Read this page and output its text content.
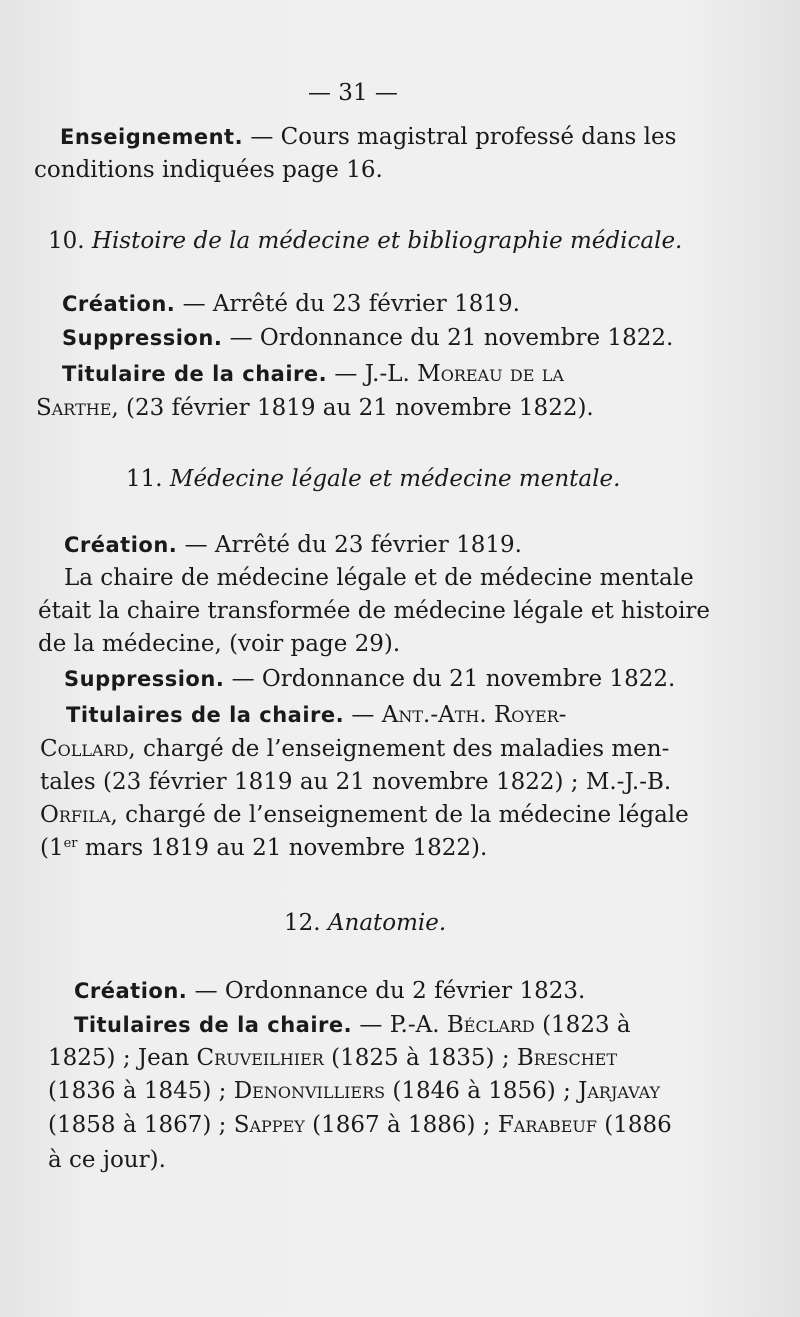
— 31 —
Enseignement. — Cours magistral professé dans les
conditions indiquées page 16.
10. Histoire de la médecine et bibliographie médicale.
Création. — Arrêté du 23 février 1819.
Suppression. — Ordonnance du 21 novembre 1822.
Titulaire de la chaire. — J.-L. Moreau de la
Sarthe, (23 février 1819 au 21 novembre 1822).
11. Médecine légale et médecine mentale.
Création. — Arrêté du 23 février 1819.
La chaire de médecine légale et de médecine mentale
était la chaire transformée de médecine légale et histoire
de la médecine, (voir page 29).
Suppression. — Ordonnance du 21 novembre 1822.
Titulaires de la chaire. — Ant.-Ath. Royer-
Collard, chargé de l’enseignement des maladies men-
tales (23 février 1819 au 21 novembre 1822) ; M.-J.-B.
Orfila, chargé de l’enseignement de la médecine légale
(1er mars 1819 au 21 novembre 1822).
12. Anatomie.
Création. — Ordonnance du 2 février 1823.
Titulaires de la chaire. — P.-A. Béclard (1823 à
1825) ; Jean Cruveilhier (1825 à 1835) ; Breschet
(1836 à 1845) ; Denonvilliers (1846 à 1856) ; Jarjavay
(1858 à 1867) ; Sappey (1867 à 1886) ; Farabeuf (1886
à ce jour).
